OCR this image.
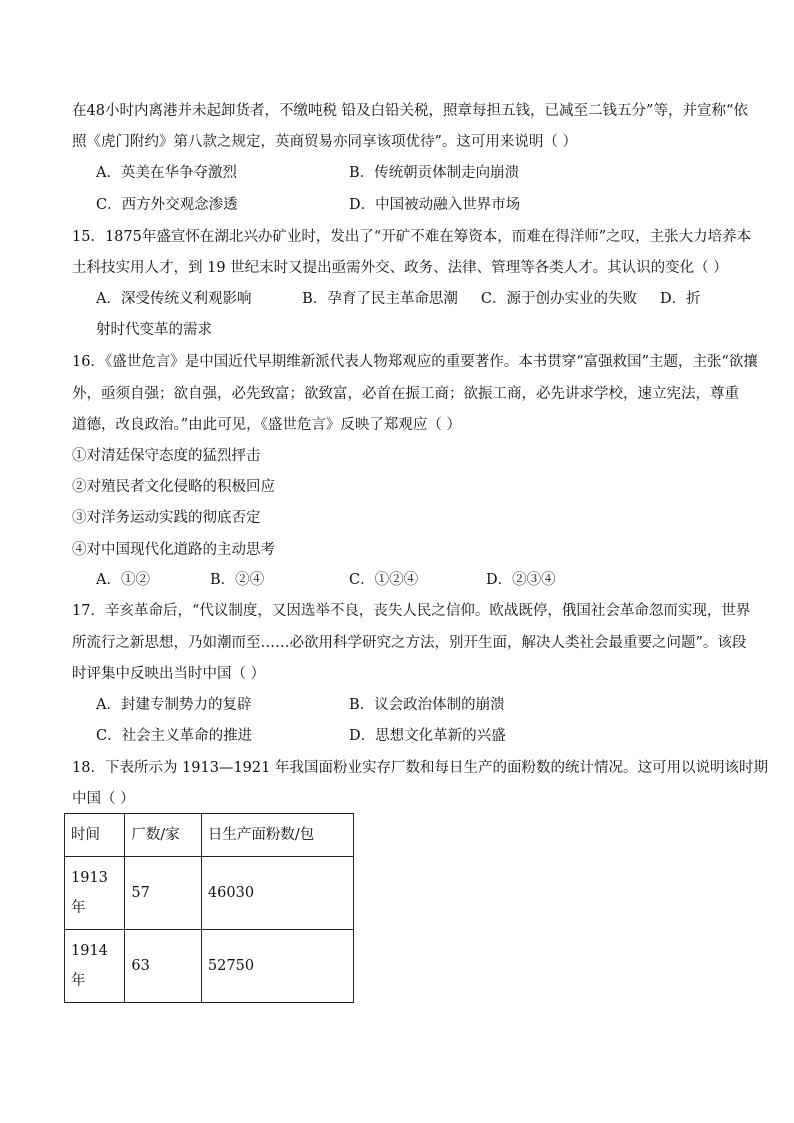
在48小时内离港并未起卸货者，不缴吨税 铅及白铅关税，照章每担五钱，已减至二钱五分”等，并宣称“依
照《虎门附约》第八款之规定，英商贸易亦同享该项优待”。这可用来说明（ ）
A．英美在华争夺激烈	B．传统朝贡体制走向崩溃
C．西方外交观念渗透	D．中国被动融入世界市场
15．1875年盛宣怀在湖北兴办矿业时，发出了“开矿不难在筹资本，而难在得洋师”之叹，主张大力培养本
土科技实用人才，到 19 世纪末时又提出亟需外交、政务、法律、管理等各类人才。其认识的变化（ ）
A．深受传统义利观影响           B．孕育了民主革命思潮     C．源于创办实业的失败     D．折
射时代变革的需求
16．《盛世危言》是中国近代早期维新派代表人物郑观应的重要著作。本书贯穿“富强救国”主题，主张“欲攘
外，亟须自强；欲自强，必先致富；欲致富，必首在振工商；欲振工商，必先讲求学校，速立宪法，尊重
道德，改良政治。”由此可见，《盛世危言》反映了郑观应（ ）
①对清廷保守态度的猛烈抨击
②对殖民者文化侵略的积极回应
③对洋务运动实践的彻底否定
④对中国现代化道路的主动思考
A．①②	B．②④	C．①②④	D．②③④
17．辛亥革命后，“代议制度，又因选举不良，丧失人民之信仰。欧战既停，俄国社会革命忽而实现，世界
所流行之新思想，乃如潮而至……必欲用科学研究之方法，别开生面，解决人类社会最重要之问题”。该段
时评集中反映出当时中国（ ）
A．封建专制势力的复辟	B．议会政治体制的崩溃
C．社会主义革命的推进	D．思想文化革新的兴盛
18．下表所示为 1913—1921 年我国面粉业实存厂数和每日生产的面粉数的统计情况。这可用以说明该时期
中国（ ）
时间	厂数/家	日生产面粉数/包

1913
年	57	46030

1914
年	63	52750
